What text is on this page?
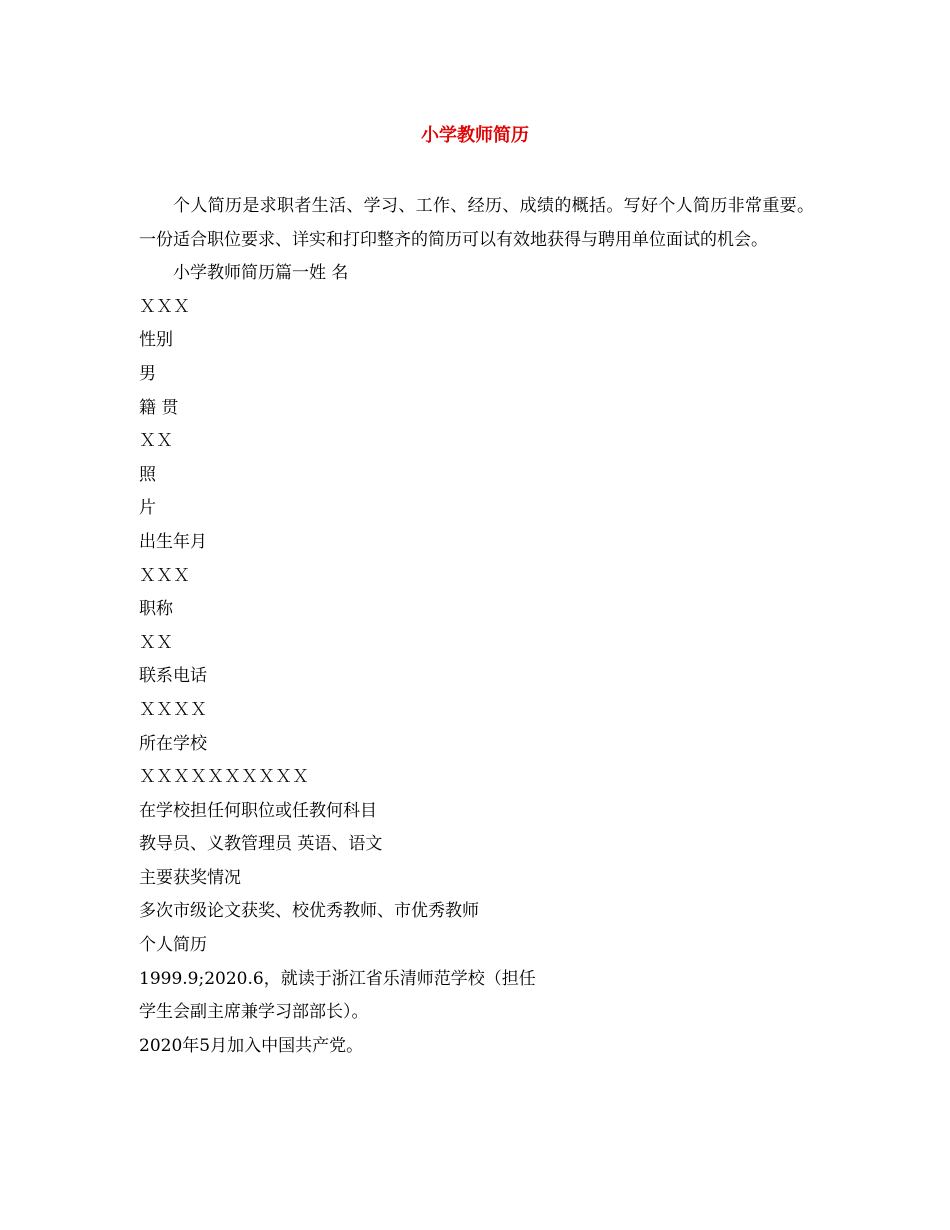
小学教师简历

个人简历是求职者生活、学习、工作、经历、成绩的概括。写好个人简历非常重要。一份适合职位要求、详实和打印整齐的简历可以有效地获得与聘用单位面试的机会。

小学教师简历篇一姓 名

ＸＸＸ

性别

男

籍 贯

ＸＸ

照

片

出生年月

ＸＸＸ

职称

ＸＸ

联系电话

ＸＸＸＸ

所在学校

ＸＸＸＸＸＸＸＸＸＸ

在学校担任何职位或任教何科目

教导员、义教管理员 英语、语文

主要获奖情况

多次市级论文获奖、校优秀教师、市优秀教师

个人简历

1999.9;2020.6，就读于浙江省乐清师范学校（担任

学生会副主席兼学习部部长）。

2020年5月加入中国共产党。
